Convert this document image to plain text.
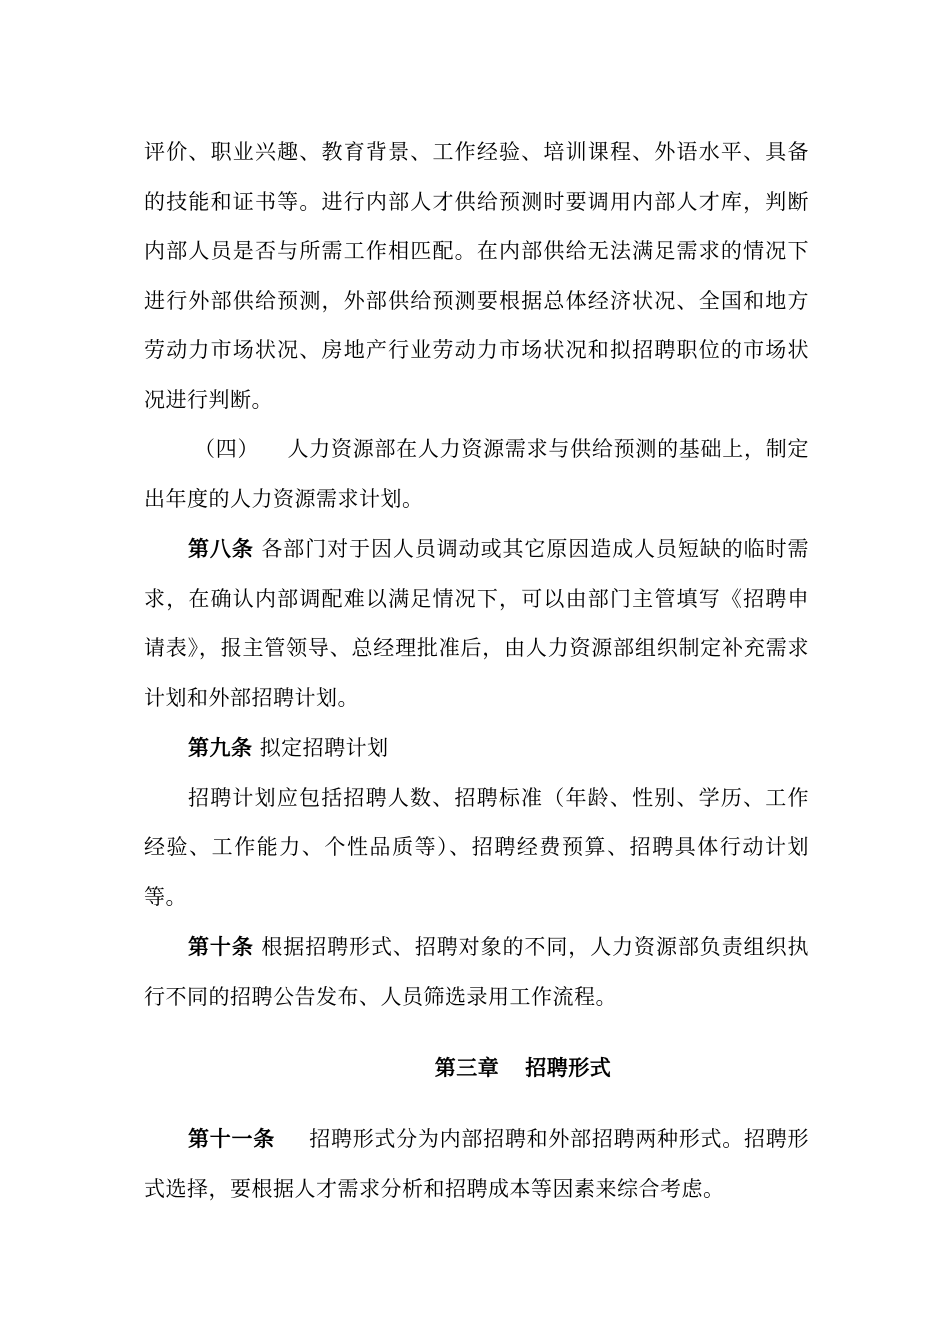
评价、职业兴趣、教育背景、工作经验、培训课程、外语水平、具备的技能和证书等。进行内部人才供给预测时要调用内部人才库，判断内部人员是否与所需工作相匹配。在内部供给无法满足需求的情况下进行外部供给预测，外部供给预测要根据总体经济状况、全国和地方劳动力市场状况、房地产行业劳动力市场状况和拟招聘职位的市场状况进行判断。

（四） 人力资源部在人力资源需求与供给预测的基础上，制定出年度的人力资源需求计划。

第八条 各部门对于因人员调动或其它原因造成人员短缺的临时需求，在确认内部调配难以满足情况下，可以由部门主管填写《招聘申请表》，报主管领导、总经理批准后，由人力资源部组织制定补充需求计划和外部招聘计划。

第九条 拟定招聘计划

招聘计划应包括招聘人数、招聘标准（年龄、性别、学历、工作经验、工作能力、个性品质等）、招聘经费预算、招聘具体行动计划等。

第十条 根据招聘形式、招聘对象的不同，人力资源部负责组织执行不同的招聘公告发布、人员筛选录用工作流程。

第三章 招聘形式

第十一条 招聘形式分为内部招聘和外部招聘两种形式。招聘形式选择，要根据人才需求分析和招聘成本等因素来综合考虑。
